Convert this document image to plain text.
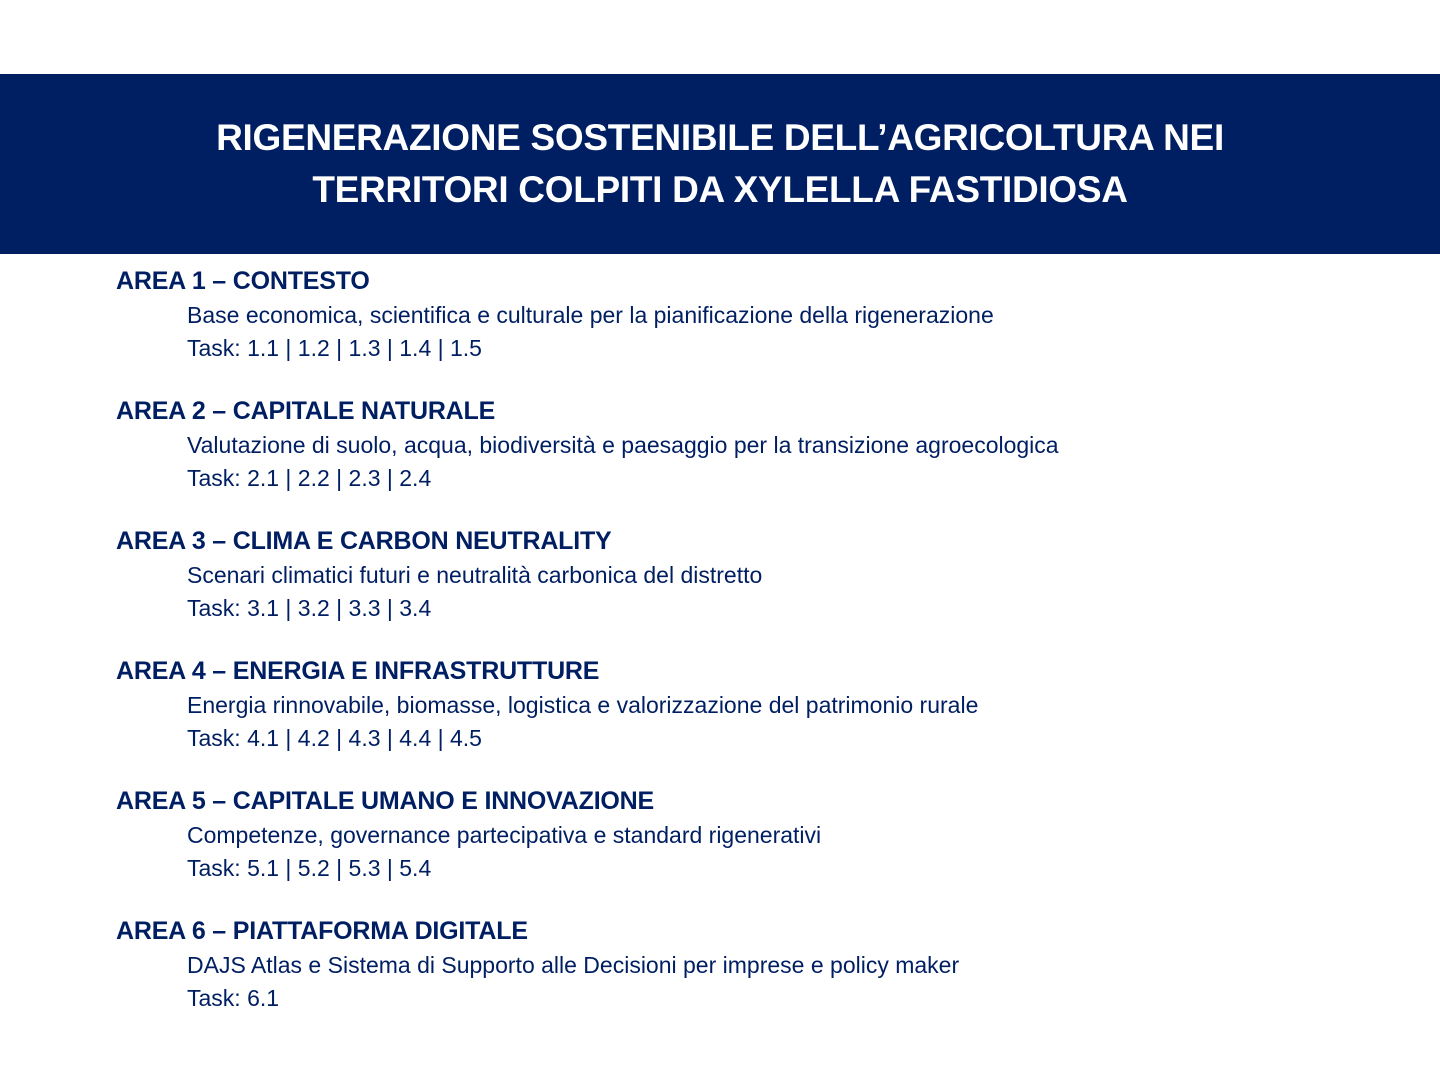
RIGENERAZIONE SOSTENIBILE DELL’AGRICOLTURA NEI
TERRITORI COLPITI DA XYLELLA FASTIDIOSA
AREA 1 – CONTESTO
Base economica, scientifica e culturale per la pianificazione della rigenerazione
Task: 1.1 | 1.2 | 1.3 | 1.4 | 1.5
AREA 2 – CAPITALE NATURALE
Valutazione di suolo, acqua, biodiversità e paesaggio per la transizione agroecologica
Task: 2.1 | 2.2 | 2.3 | 2.4
AREA 3 – CLIMA E CARBON NEUTRALITY
Scenari climatici futuri e neutralità carbonica del distretto
Task: 3.1 | 3.2 | 3.3 | 3.4
AREA 4 – ENERGIA E INFRASTRUTTURE
Energia rinnovabile, biomasse, logistica e valorizzazione del patrimonio rurale
Task: 4.1 | 4.2 | 4.3 | 4.4 | 4.5
AREA 5 – CAPITALE UMANO E INNOVAZIONE
Competenze, governance partecipativa e standard rigenerativi
Task: 5.1 | 5.2 | 5.3 | 5.4
AREA 6 – PIATTAFORMA DIGITALE
DAJS Atlas e Sistema di Supporto alle Decisioni per imprese e policy maker
Task: 6.1
